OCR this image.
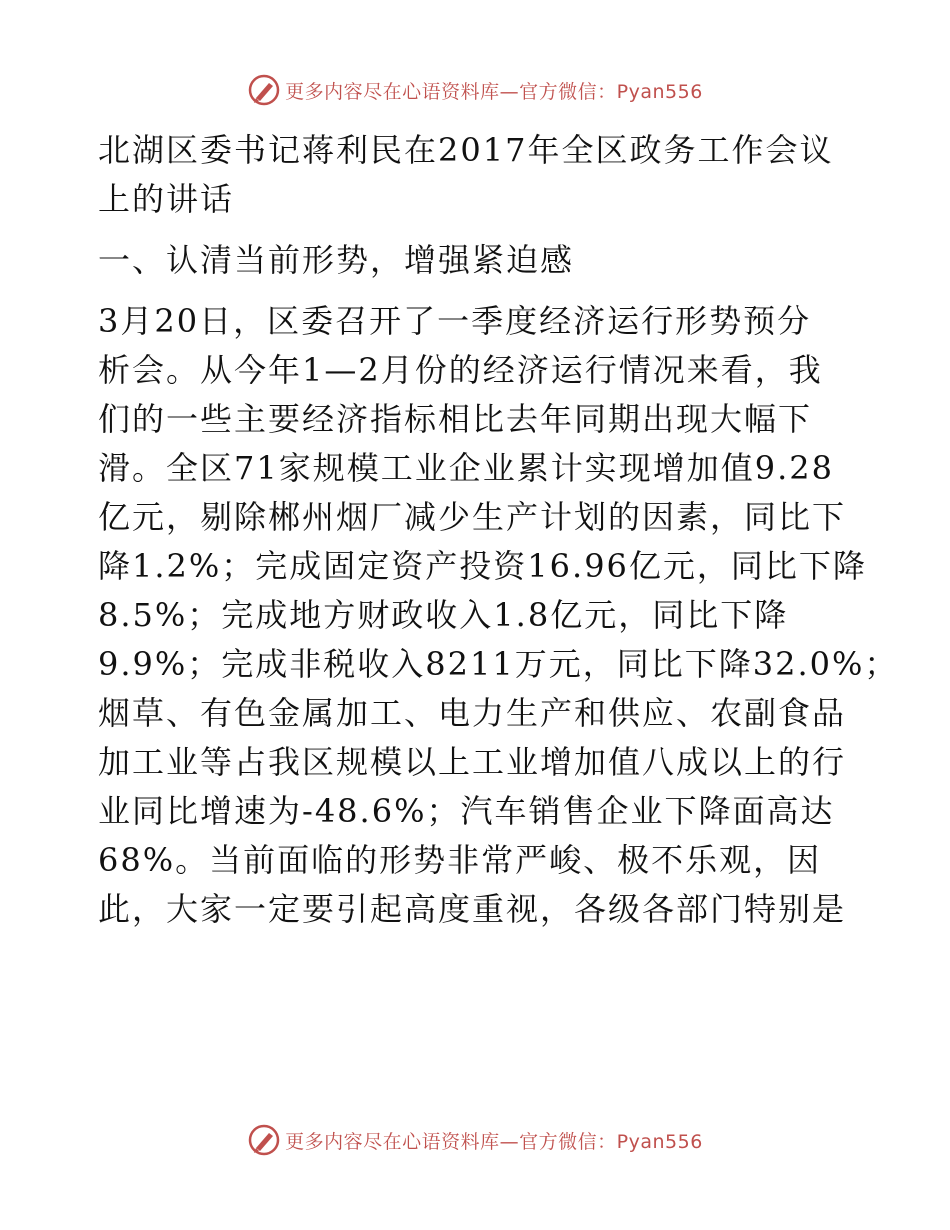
更多内容尽在心语资料库—官方微信：Pyan556

北湖区委书记蒋利民在2017年全区政务工作会议
上的讲话

一、认清当前形势，增强紧迫感

3月20日，区委召开了一季度经济运行形势预分
析会。从今年1—2月份的经济运行情况来看，我
们的一些主要经济指标相比去年同期出现大幅下
滑。全区71家规模工业企业累计实现增加值9.28
亿元，剔除郴州烟厂减少生产计划的因素，同比下
降1.2%；完成固定资产投资16.96亿元，同比下降
8.5%；完成地方财政收入1.8亿元，同比下降
9.9%；完成非税收入8211万元，同比下降32.0%；
烟草、有色金属加工、电力生产和供应、农副食品
加工业等占我区规模以上工业增加值八成以上的行
业同比增速为-48.6%；汽车销售企业下降面高达
68%。当前面临的形势非常严峻、极不乐观，因
此，大家一定要引起高度重视，各级各部门特别是

更多内容尽在心语资料库—官方微信：Pyan556
